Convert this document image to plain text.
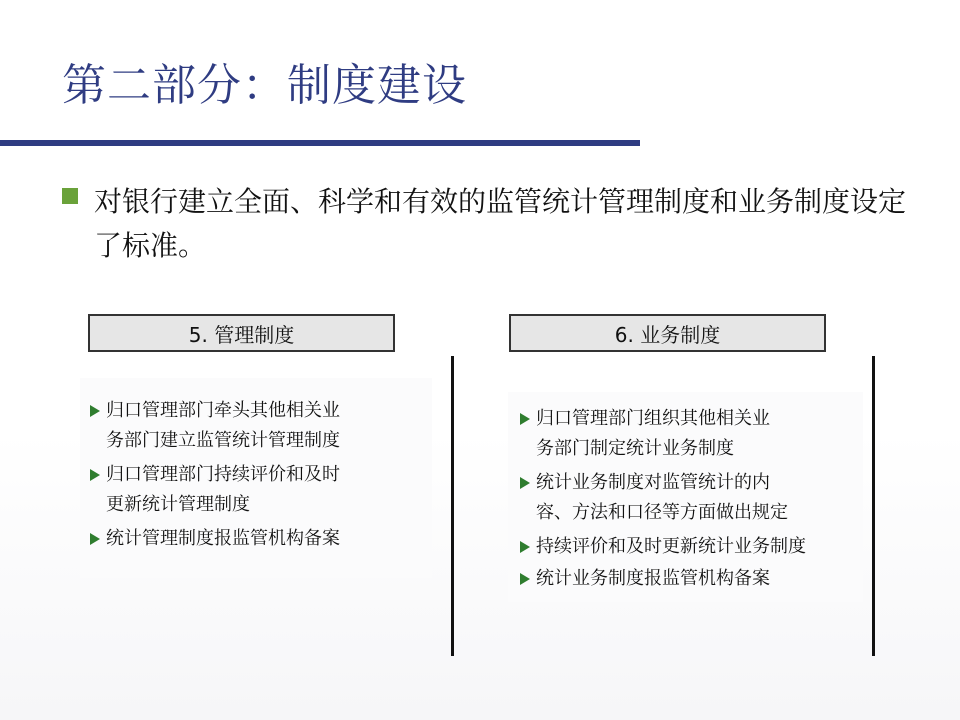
第二部分：制度建设
对银行建立全面、科学和有效的监管统计管理制度和业务制度设定了标准。
5. 管理制度	6. 业务制度
归口管理部门牵头其他相关业
务部门建立监管统计管理制度
归口管理部门持续评价和及时
更新统计管理制度
统计管理制度报监管机构备案
归口管理部门组织其他相关业
务部门制定统计业务制度
统计业务制度对监管统计的内
容、方法和口径等方面做出规定
持续评价和及时更新统计业务制度
统计业务制度报监管机构备案
